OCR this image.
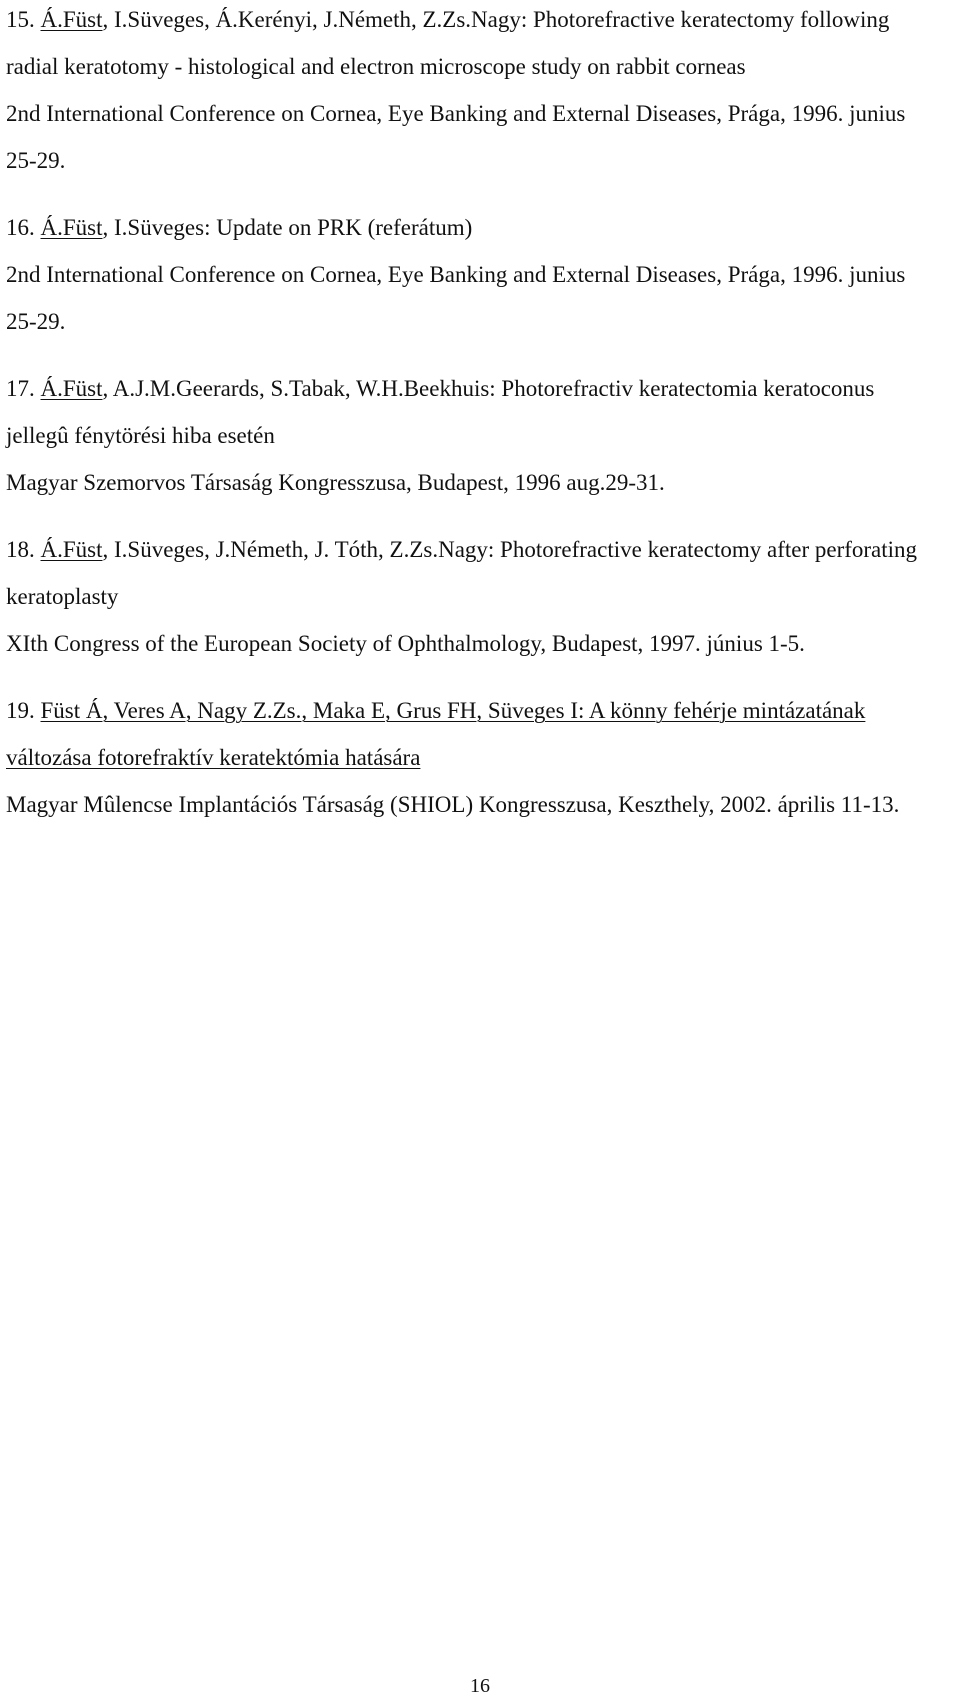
15. Á.Füst, I.Süveges, Á.Kerényi, J.Németh, Z.Zs.Nagy: Photorefractive keratectomy following radial keratotomy - histological and electron microscope study on rabbit corneas

2nd International Conference on Cornea, Eye Banking and External Diseases, Prága, 1996. junius 25-29.

16. Á.Füst, I.Süveges: Update on PRK (referátum)

2nd International Conference on Cornea, Eye Banking and External Diseases, Prága, 1996. junius 25-29.

17. Á.Füst, A.J.M.Geerards, S.Tabak, W.H.Beekhuis: Photorefractiv keratectomia keratoconus jellegû fénytörési hiba esetén

Magyar Szemorvos Társaság Kongresszusa, Budapest, 1996 aug.29-31.

18. Á.Füst, I.Süveges, J.Németh, J. Tóth, Z.Zs.Nagy: Photorefractive keratectomy after perforating keratoplasty

XIth Congress of the European Society of Ophthalmology, Budapest, 1997. június 1-5.

19. Füst Á, Veres A, Nagy Z.Zs., Maka E, Grus FH, Süveges I: A könny fehérje mintázatának változása fotorefraktív keratektómia hatására

Magyar Mûlencse Implantációs Társaság (SHIOL) Kongresszusa, Keszthely, 2002. április 11-13.

16
